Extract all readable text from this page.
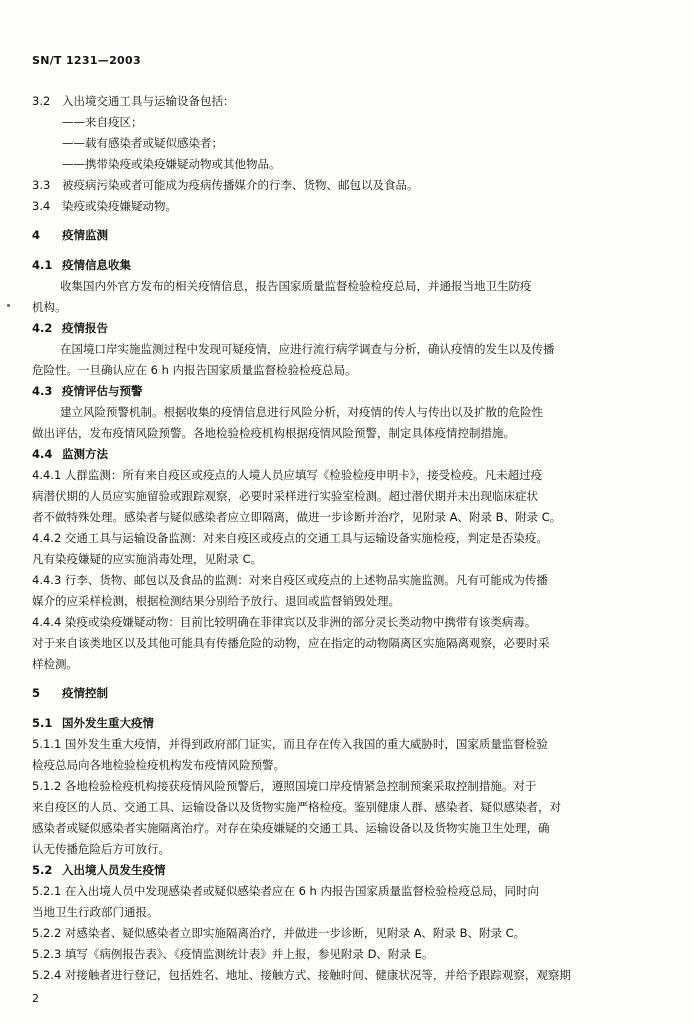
SN/T 1231—2003
3.2 入出境交通工具与运输设备包括：
——来自疫区；
——载有感染者或疑似感染者；
——携带染疫或染疫嫌疑动物或其他物品。
3.3 被疫病污染或者可能成为疫病传播媒介的行李、货物、邮包以及食品。
3.4 染疫或染疫嫌疑动物。
4 疫情监测
4.1 疫情信息收集
收集国内外官方发布的相关疫情信息，报告国家质量监督检验检疫总局，并通报当地卫生防疫
机构。
4.2 疫情报告
在国境口岸实施监测过程中发现可疑疫情，应进行流行病学调查与分析，确认疫情的发生以及传播
危险性。一旦确认应在 6 h 内报告国家质量监督检验检疫总局。
4.3 疫情评估与预警
建立风险预警机制。根据收集的疫情信息进行风险分析，对疫情的传人与传出以及扩散的危险性
做出评估，发布疫情风险预警。各地检验检疫机构根据疫情风险预警，制定具体疫情控制措施。
4.4 监测方法
4.4.1 人群监测：所有来自疫区或疫点的人境人员应填写《检验检疫申明卡》，接受检疫。凡未超过疫
病潜伏期的人员应实施留验或跟踪观察，必要时采样进行实验室检测。超过潜伏期并未出现临床症状
者不做特殊处理。感染者与疑似感染者应立即隔离，做进一步诊断并治疗，见附录 A、附录 B、附录 C。
4.4.2 交通工具与运输设备监测：对来自疫区或疫点的交通工具与运输设备实施检疫，判定是否染疫。
凡有染疫嫌疑的应实施消毒处理，见附录 C。
4.4.3 行李、货物、邮包以及食品的监测：对来自疫区或疫点的上述物品实施监测。凡有可能成为传播
媒介的应采样检测，根据检测结果分别给予放行、退回或监督销毁处理。
4.4.4 染疫或染疫嫌疑动物：目前比较明确在菲律宾以及非洲的部分灵长类动物中携带有该类病毒。
对于来自该类地区以及其他可能具有传播危险的动物，应在指定的动物隔离区实施隔离观察，必要时采
样检测。
5 疫情控制
5.1 国外发生重大疫情
5.1.1 国外发生重大疫情，并得到政府部门证实，而且存在传入我国的重大威胁时，国家质量监督检验
检疫总局向各地检验检疫机构发布疫情风险预警。
5.1.2 各地检验检疫机构接获疫情风险预警后，遵照国境口岸疫情紧急控制预案采取控制措施。对于
来自疫区的人员、交通工具、运输设备以及货物实施严格检疫。鉴别健康人群、感染者、疑似感染者，对
感染者或疑似感染者实施隔离治疗。对存在染疫嫌疑的交通工具、运输设备以及货物实施卫生处理，确
认无传播危险后方可放行。
5.2 入出境人员发生疫情
5.2.1 在入出境人员中发现感染者或疑似感染者应在 6 h 内报告国家质量监督检验检疫总局，同时向
当地卫生行政部门通报。
5.2.2 对感染者、疑似感染者立即实施隔离治疗，并做进一步诊断，见附录 A、附录 B、附录 C。
5.2.3 填写《病例报告表》、《疫情监测统计表》并上报，参见附录 D、附录 E。
5.2.4 对接触者进行登记，包括姓名、地址、接触方式、接触时间、健康状况等，并给予跟踪观察，观察期
2
